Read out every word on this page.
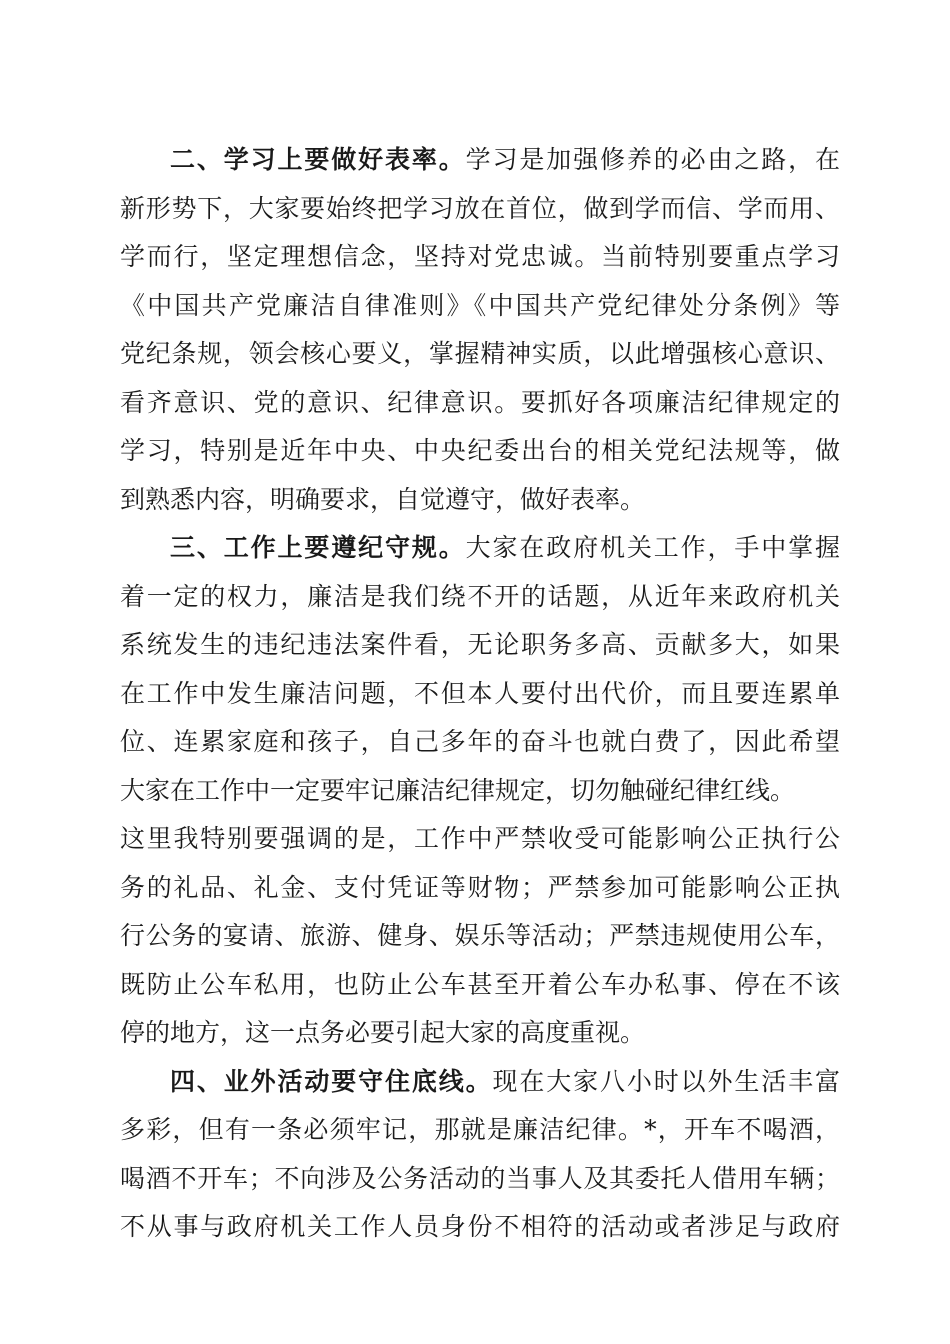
二、学习上要做好表率。学习是加强修养的必由之路，在
新形势下，大家要始终把学习放在首位，做到学而信、学而用、
学而行，坚定理想信念，坚持对党忠诚。当前特别要重点学习
《中国共产党廉洁自律准则》《中国共产党纪律处分条例》等
党纪条规，领会核心要义，掌握精神实质，以此增强核心意识、
看齐意识、党的意识、纪律意识。要抓好各项廉洁纪律规定的
学习，特别是近年中央、中央纪委出台的相关党纪法规等，做
到熟悉内容，明确要求，自觉遵守，做好表率。
三、工作上要遵纪守规。大家在政府机关工作，手中掌握
着一定的权力，廉洁是我们绕不开的话题，从近年来政府机关
系统发生的违纪违法案件看，无论职务多高、贡献多大，如果
在工作中发生廉洁问题，不但本人要付出代价，而且要连累单
位、连累家庭和孩子，自己多年的奋斗也就白费了，因此希望
大家在工作中一定要牢记廉洁纪律规定，切勿触碰纪律红线。
这里我特别要强调的是，工作中严禁收受可能影响公正执行公
务的礼品、礼金、支付凭证等财物；严禁参加可能影响公正执
行公务的宴请、旅游、健身、娱乐等活动；严禁违规使用公车，
既防止公车私用，也防止公车甚至开着公车办私事、停在不该
停的地方，这一点务必要引起大家的高度重视。
四、业外活动要守住底线。现在大家八小时以外生活丰富
多彩，但有一条必须牢记，那就是廉洁纪律。*，开车不喝酒，
喝酒不开车；不向涉及公务活动的当事人及其委托人借用车辆；
不从事与政府机关工作人员身份不相符的活动或者涉足与政府
